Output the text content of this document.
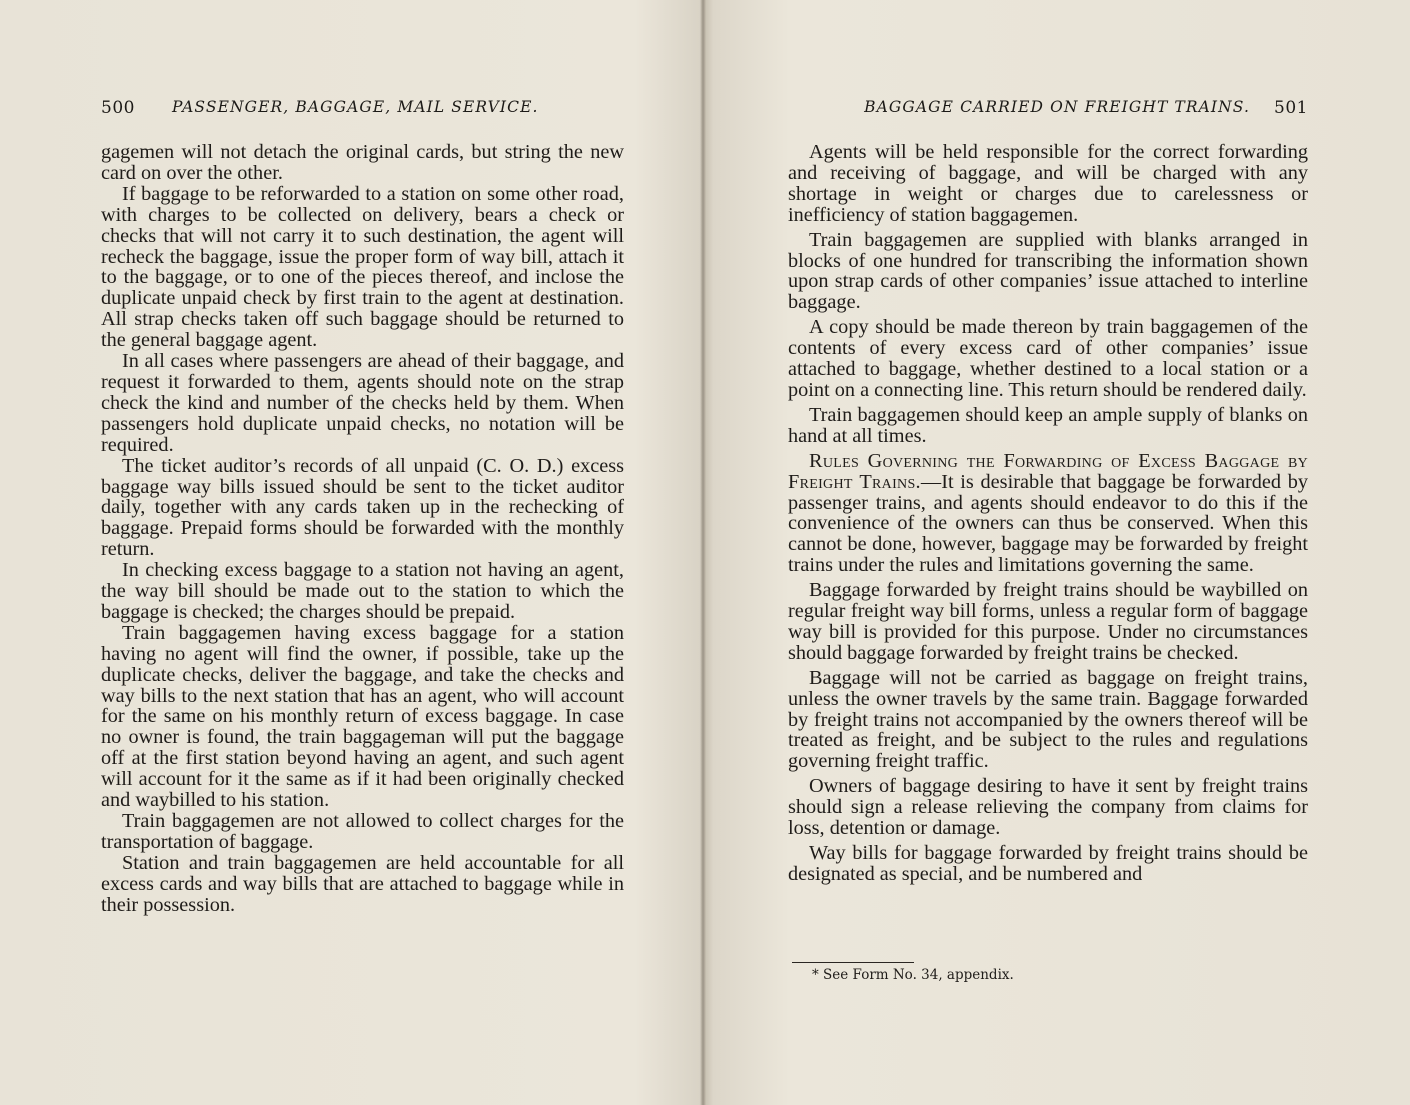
500 PASSENGER, BAGGAGE, MAIL SERVICE.

gagemen will not detach the original cards, but string the new card on over the other.

If baggage to be reforwarded to a station on some other road, with charges to be collected on delivery, bears a check or checks that will not carry it to such destination, the agent will recheck the baggage, issue the proper form of way bill, attach it to the baggage, or to one of the pieces thereof, and inclose the duplicate unpaid check by first train to the agent at destination. All strap checks taken off such baggage should be returned to the general baggage agent.

In all cases where passengers are ahead of their baggage, and request it forwarded to them, agents should note on the strap check the kind and number of the checks held by them. When passengers hold duplicate unpaid checks, no notation will be required.

The ticket auditor’s records of all unpaid (C. O. D.) excess baggage way bills issued should be sent to the ticket auditor daily, together with any cards taken up in the rechecking of baggage. Prepaid forms should be forwarded with the monthly return.

In checking excess baggage to a station not having an agent, the way bill should be made out to the station to which the baggage is checked; the charges should be prepaid.

Train baggagemen having excess baggage for a station having no agent will find the owner, if possible, take up the duplicate checks, deliver the baggage, and take the checks and way bills to the next station that has an agent, who will account for the same on his monthly return of excess baggage. In case no owner is found, the train baggageman will put the baggage off at the first station beyond having an agent, and such agent will account for it the same as if it had been originally checked and waybilled to his station.

Train baggagemen are not allowed to collect charges for the transportation of baggage.

Station and train baggagemen are held accountable for all excess cards and way bills that are attached to baggage while in their possession.

BAGGAGE CARRIED ON FREIGHT TRAINS. 501

Agents will be held responsible for the correct forwarding and receiving of baggage, and will be charged with any shortage in weight or charges due to carelessness or inefficiency of station baggagemen.

Train baggagemen are supplied with blanks arranged in blocks of one hundred for transcribing the information shown upon strap cards of other companies’ issue attached to interline baggage.

A copy should be made thereon by train baggagemen of the contents of every excess card of other companies’ issue attached to baggage, whether destined to a local station or a point on a connecting line. This return should be rendered daily.

Train baggagemen should keep an ample supply of blanks on hand at all times.

Rules Governing the Forwarding of Excess Baggage by Freight Trains.—It is desirable that baggage be forwarded by passenger trains, and agents should endeavor to do this if the convenience of the owners can thus be conserved. When this cannot be done, however, baggage may be forwarded by freight trains under the rules and limitations governing the same.

Baggage forwarded by freight trains should be waybilled on regular freight way bill forms, unless a regular form of baggage way bill is provided for this purpose. Under no circumstances should baggage forwarded by freight trains be checked.

Baggage will not be carried as baggage on freight trains, unless the owner travels by the same train. Baggage forwarded by freight trains not accompanied by the owners thereof will be treated as freight, and be subject to the rules and regulations governing freight traffic.

Owners of baggage desiring to have it sent by freight trains should sign a release relieving the company from claims for loss, detention or damage.

Way bills for baggage forwarded by freight trains should be designated as special, and be numbered and

* See Form No. 34, appendix.
